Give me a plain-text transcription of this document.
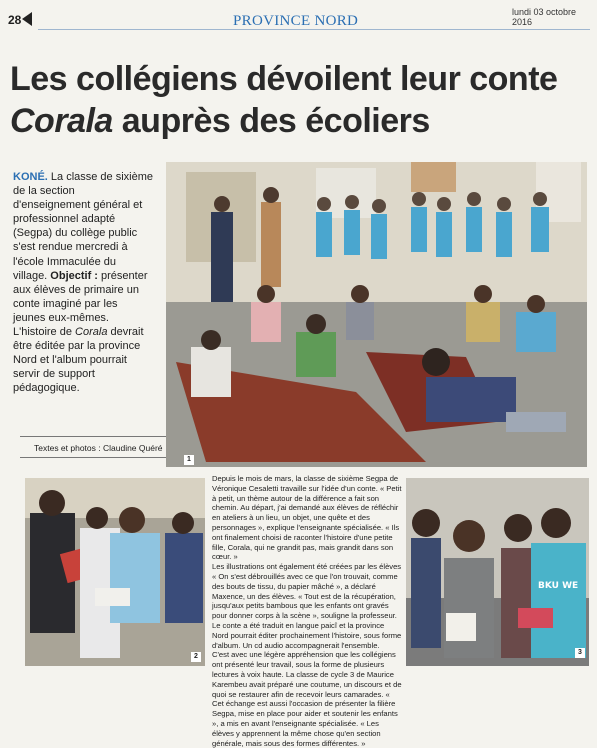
28	PROVINCE NORD
lundi 03 octobre 2016
Les collégiens dévoilent leur conte
Corala auprès des écoliers
KONÉ. La classe de sixième de la section d'enseignement général et professionnel adapté (Segpa) du collège public s'est rendue mercredi à l'école Immaculée du village. Objectif : présenter aux élèves de primaire un conte imaginé par les jeunes eux-mêmes. L'histoire de Corala devrait être éditée par la province Nord et l'album pourrait servir de support pédagogique.
Textes et photos : Claudine Quéré
1
2

Depuis le mois de mars, la classe de sixième Segpa de Véronique Cesaletti travaille sur l'idée d'un conte. « Petit à petit, un thème autour de la différence a fait son chemin. Au départ, j'ai demandé aux élèves de réfléchir en ateliers à un lieu, un objet, une quête et des personnages », explique l'enseignante spécialisée. « Ils ont finalement choisi de raconter l'histoire d'une petite fille, Corala, qui ne grandit pas, mais grandit dans son cœur. »

Les illustrations ont également été créées par les élèves « On s'est débrouillés avec ce que l'on trouvait, comme des bouts de tissu, du papier mâché », a déclaré Maxence, un des élèves. « Tout est de la récupération, jusqu'aux petits bambous que les enfants ont gravés pour donner corps à la scène », souligne la professeur. Le conte a été traduit en langue paicî et la province Nord pourrait éditer prochainement l'histoire, sous forme d'album. Un cd audio accompagnerait l'ensemble.

C'est avec une légère appréhension que les collégiens ont présenté leur travail, sous la forme de plusieurs lectures à voix haute. La classe de cycle 3 de Maurice Karembeu avait préparé une coutume, un discours et de quoi se restaurer afin de recevoir leurs camarades. « Cet échange est aussi l'occasion de présenter la filière Segpa, mise en place pour aider et soutenir les enfants », a mis en avant l'enseignante spécialisée. « Les élèves y apprennent la même chose qu'en section générale, mais sous des formes différentes. »

BKU WE
3
